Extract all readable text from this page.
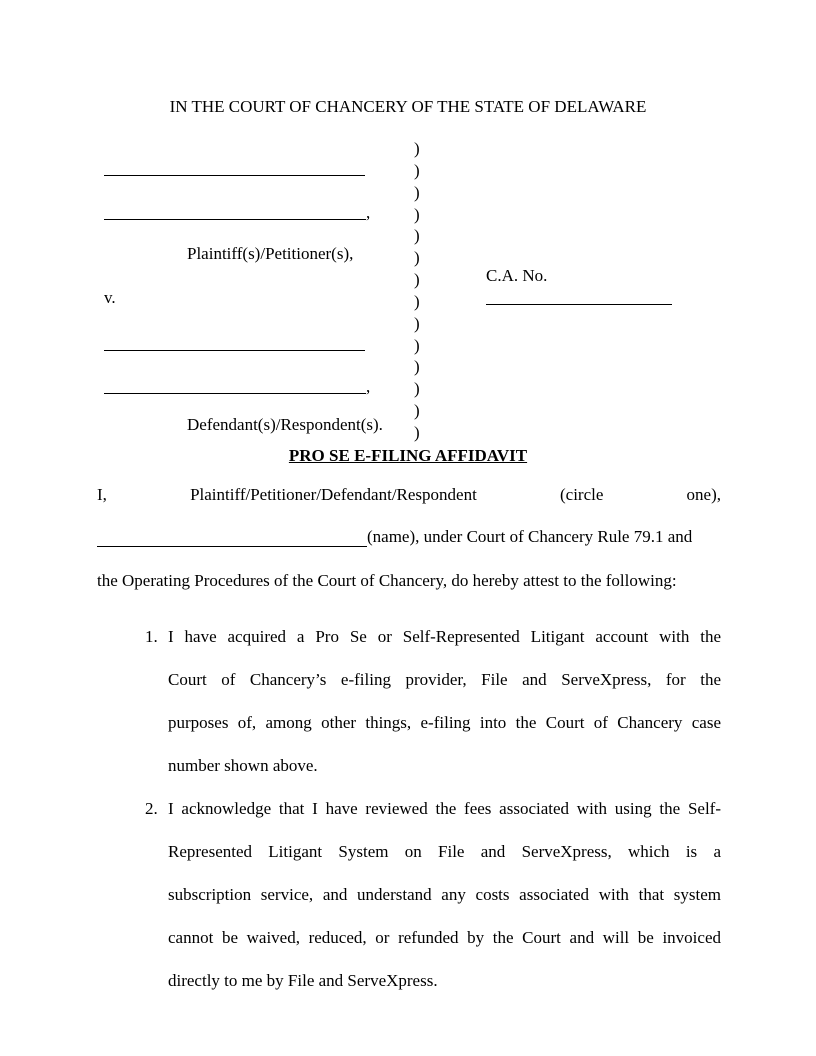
IN THE COURT OF CHANCERY OF THE STATE OF DELAWARE
,
Plaintiff(s)/Petitioner(s),
v.
,
Defendant(s)/Respondent(s).
)
)
)
)
)
)
)
)
)
)
)
)
)
)
C.A. No.
PRO SE E-FILING AFFIDAVIT
I,	Plaintiff/Petitioner/Defendant/Respondent	(circle	one),
(name), under Court of Chancery Rule 79.1 and
the Operating Procedures of the Court of Chancery, do hereby attest to the following:
1. I have acquired a Pro Se or Self-Represented Litigant account with the
Court of Chancery’s e-filing provider, File and ServeXpress, for the
purposes of, among other things, e-filing into the Court of Chancery case
number shown above.
2. I acknowledge that I have reviewed the fees associated with using the Self-
Represented Litigant System on File and ServeXpress, which is a
subscription service, and understand any costs associated with that system
cannot be waived, reduced, or refunded by the Court and will be invoiced
directly to me by File and ServeXpress.
